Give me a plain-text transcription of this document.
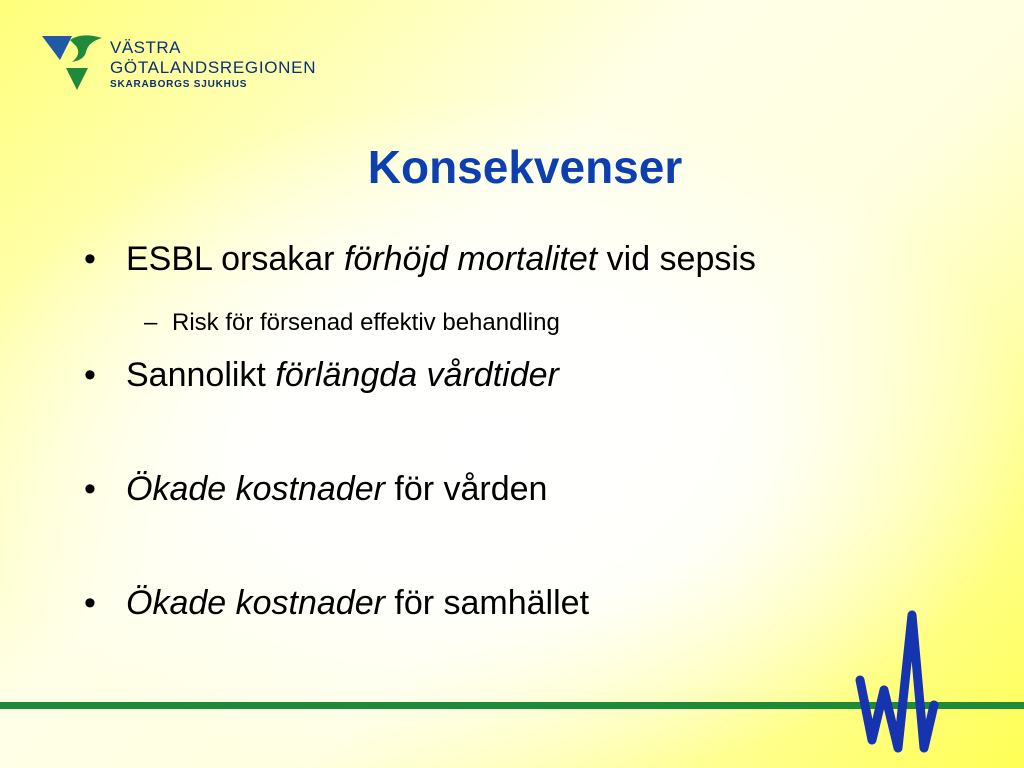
VÄSTRA
GÖTALANDSREGIONEN
SKARABORGS SJUKHUS
Konsekvenser
• ESBL orsakar förhöjd mortalitet vid sepsis
– Risk för försenad effektiv behandling
• Sannolikt förlängda vårdtider
• Ökade kostnader för vården
• Ökade kostnader för samhället
